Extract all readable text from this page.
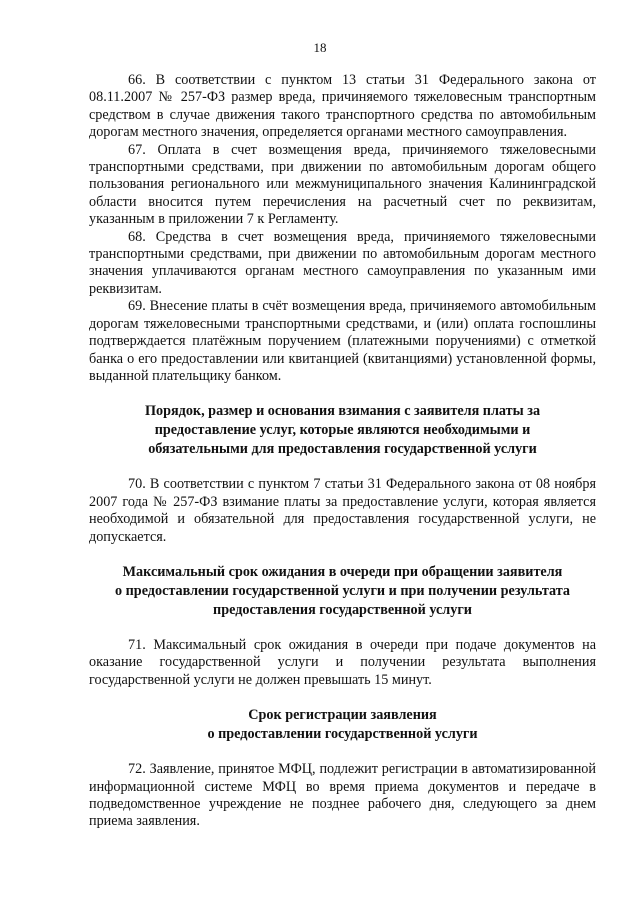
18

66. В соответствии с пунктом 13 статьи 31 Федерального закона от 08.11.2007 № 257-ФЗ размер вреда, причиняемого тяжеловесным транспортным средством в случае движения такого транспортного средства по автомобильным дорогам местного значения, определяется органами местного самоуправления.

67. Оплата в счет возмещения вреда, причиняемого тяжеловесными транспортными средствами, при движении по автомобильным дорогам общего пользования регионального или межмуниципального значения Калининградской области вносится путем перечисления на расчетный счет по реквизитам, указанным в приложении 7 к Регламенту.

68. Средства в счет возмещения вреда, причиняемого тяжеловесными транспортными средствами, при движении по автомобильным дорогам местного значения уплачиваются органам местного самоуправления по указанным ими реквизитам.

69. Внесение платы в счёт возмещения вреда, причиняемого автомобильным дорогам тяжеловесными транспортными средствами, и (или) оплата госпошлины подтверждается платёжным поручением (платежными поручениями) с отметкой банка о его предоставлении или квитанцией (квитанциями) установленной формы, выданной плательщику банком.

Порядок, размер и основания взимания с заявителя платы за

предоставление услуг, которые являются необходимыми и

обязательными для предоставления государственной услуги

70. В соответствии с пунктом 7 статьи 31 Федерального закона от 08 ноября 2007 года № 257-ФЗ взимание платы за предоставление услуги, которая является необходимой и обязательной для предоставления государственной услуги, не допускается.

Максимальный срок ожидания в очереди при обращении заявителя

о предоставлении государственной услуги и при получении результата

предоставления государственной услуги

71. Максимальный срок ожидания в очереди при подаче документов на оказание государственной услуги и получении результата выполнения государственной услуги не должен превышать 15 минут.

Срок регистрации заявления

о предоставлении государственной услуги

72. Заявление, принятое МФЦ, подлежит регистрации в автоматизированной информационной системе МФЦ во время приема документов и передаче в подведомственное учреждение не позднее рабочего дня, следующего за днем приема заявления.
